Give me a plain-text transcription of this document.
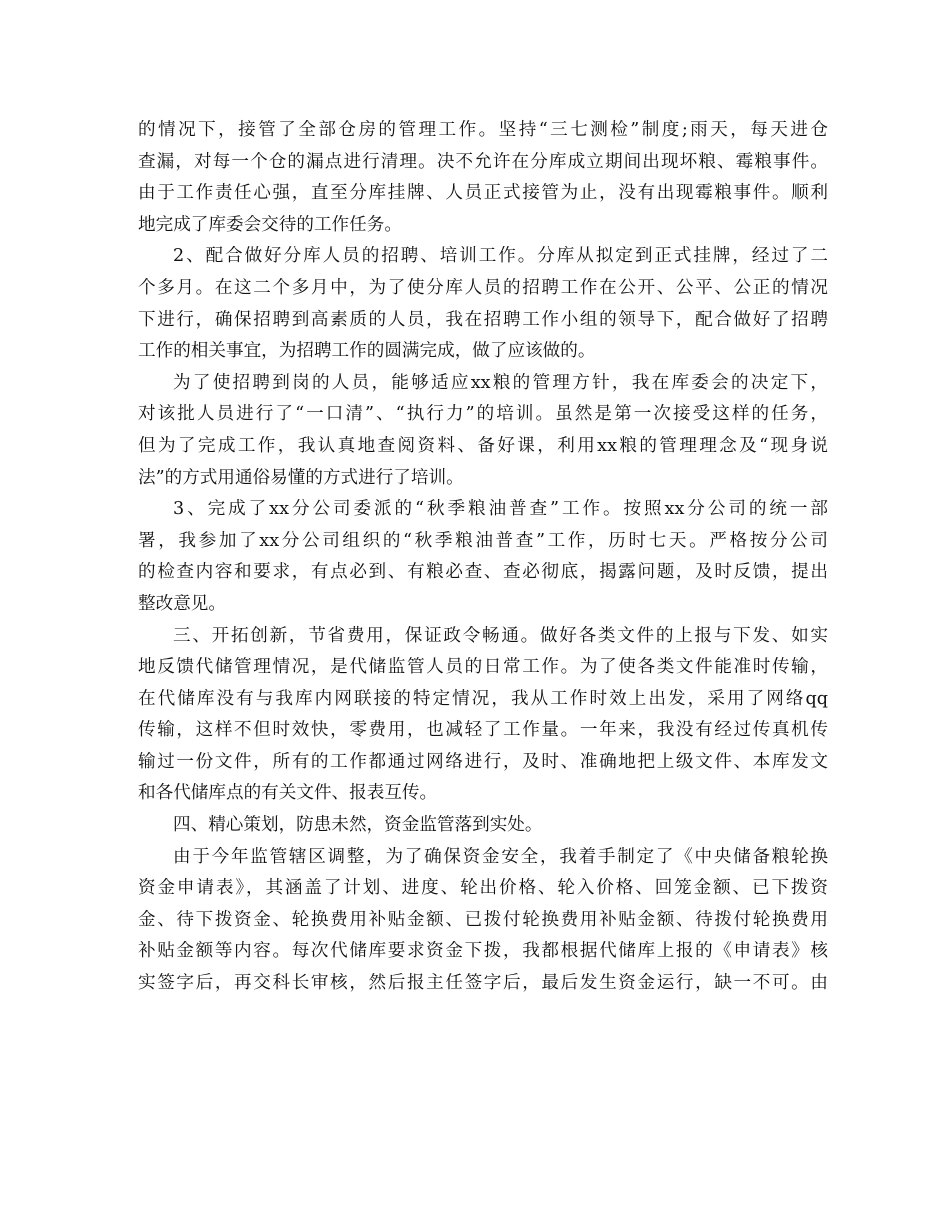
的情况下，接管了全部仓房的管理工作。坚持“三七测检”制度;雨天，每天进仓
查漏，对每一个仓的漏点进行清理。决不允许在分库成立期间出现坏粮、霉粮事件。
由于工作责任心强，直至分库挂牌、人员正式接管为止，没有出现霉粮事件。顺利
地完成了库委会交待的工作任务。
2、配合做好分库人员的招聘、培训工作。分库从拟定到正式挂牌，经过了二
个多月。在这二个多月中，为了使分库人员的招聘工作在公开、公平、公正的情况
下进行，确保招聘到高素质的人员，我在招聘工作小组的领导下，配合做好了招聘
工作的相关事宜，为招聘工作的圆满完成，做了应该做的。
为了使招聘到岗的人员，能够适应xx粮的管理方针，我在库委会的决定下，
对该批人员进行了“一口清”、“执行力”的培训。虽然是第一次接受这样的任务，
但为了完成工作，我认真地查阅资料、备好课，利用xx粮的管理理念及“现身说
法”的方式用通俗易懂的方式进行了培训。
3、完成了xx分公司委派的“秋季粮油普查”工作。按照xx分公司的统一部
署，我参加了xx分公司组织的“秋季粮油普查”工作，历时七天。严格按分公司
的检查内容和要求，有点必到、有粮必查、查必彻底，揭露问题，及时反馈，提出
整改意见。
三、开拓创新，节省费用，保证政令畅通。做好各类文件的上报与下发、如实
地反馈代储管理情况，是代储监管人员的日常工作。为了使各类文件能准时传输，
在代储库没有与我库内网联接的特定情况，我从工作时效上出发，采用了网络qq
传输，这样不但时效快，零费用，也减轻了工作量。一年来，我没有经过传真机传
输过一份文件，所有的工作都通过网络进行，及时、准确地把上级文件、本库发文
和各代储库点的有关文件、报表互传。
四、精心策划，防患未然，资金监管落到实处。
由于今年监管辖区调整，为了确保资金安全，我着手制定了《中央储备粮轮换
资金申请表》，其涵盖了计划、进度、轮出价格、轮入价格、回笼金额、已下拨资
金、待下拨资金、轮换费用补贴金额、已拨付轮换费用补贴金额、待拨付轮换费用
补贴金额等内容。每次代储库要求资金下拨，我都根据代储库上报的《申请表》核
实签字后，再交科长审核，然后报主任签字后，最后发生资金运行，缺一不可。由
